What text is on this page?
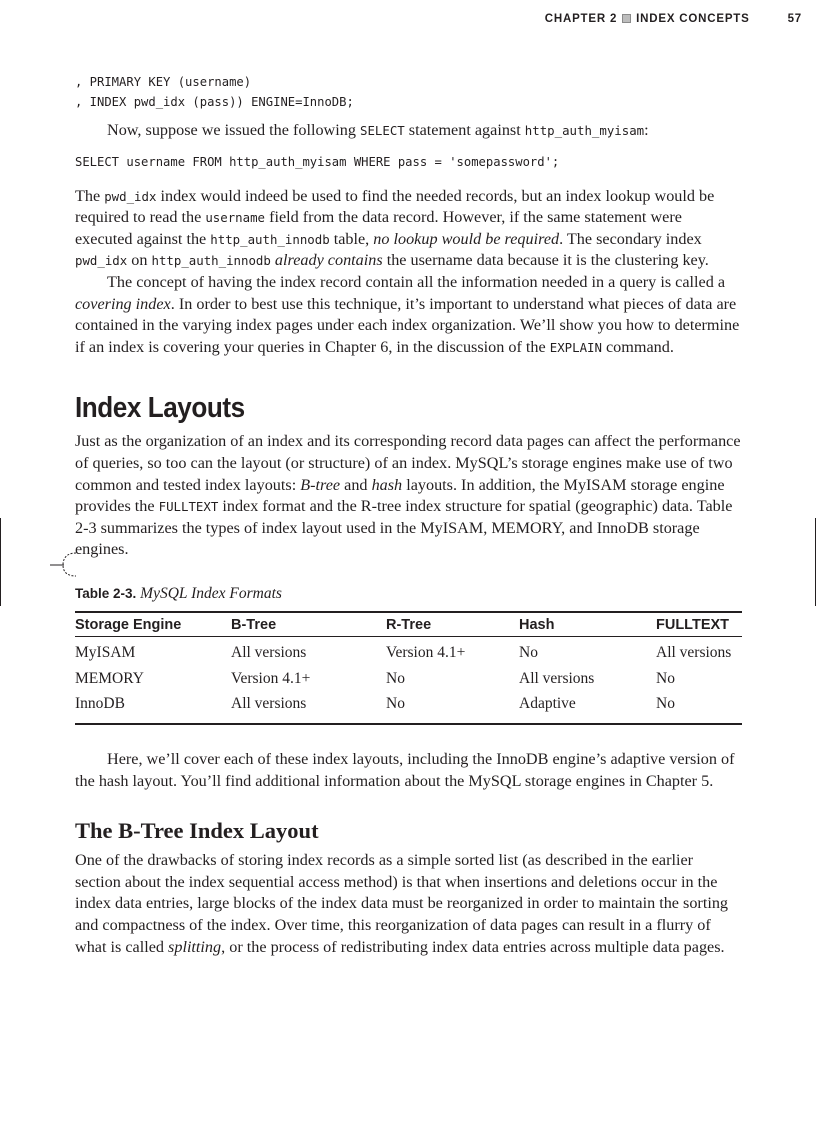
CHAPTER 2 INDEX CONCEPTS	57
, PRIMARY KEY (username)
, INDEX pwd_idx (pass)) ENGINE=InnoDB;

Now, suppose we issued the following SELECT statement against http_auth_myisam:

SELECT username FROM http_auth_myisam WHERE pass = 'somepassword';

The pwd_idx index would indeed be used to find the needed records, but an index lookup would be required to read the username field from the data record. However, if the same statement were executed against the http_auth_innodb table, no lookup would be required. The secondary index pwd_idx on http_auth_innodb already contains the username data because it is the clustering key.

The concept of having the index record contain all the information needed in a query is called a covering index. In order to best use this technique, it’s important to understand what pieces of data are contained in the varying index pages under each index organization. We’ll show you how to determine if an index is covering your queries in Chapter 6, in the discussion of the EXPLAIN command.

Index Layouts

Just as the organization of an index and its corresponding record data pages can affect the performance of queries, so too can the layout (or structure) of an index. MySQL’s storage engines make use of two common and tested index layouts: B-tree and hash layouts. In addition, the MyISAM storage engine provides the FULLTEXT index format and the R-tree index structure for spatial (geographic) data. Table 2-3 summarizes the types of index layout used in the MyISAM, MEMORY, and InnoDB storage engines.

Table 2-3. MySQL Index Formats

Storage Engine	B-Tree	R-Tree	Hash	FULLTEXT
MyISAM	All versions	Version 4.1+	No	All versions
MEMORY	Version 4.1+	No	All versions	No
InnoDB	All versions	No	Adaptive	No

Here, we’ll cover each of these index layouts, including the InnoDB engine’s adaptive version of the hash layout. You’ll find additional information about the MySQL storage engines in Chapter 5.

The B-Tree Index Layout

One of the drawbacks of storing index records as a simple sorted list (as described in the earlier section about the index sequential access method) is that when insertions and deletions occur in the index data entries, large blocks of the index data must be reorganized in order to maintain the sorting and compactness of the index. Over time, this reorganization of data pages can result in a flurry of what is called splitting, or the process of redistributing index data entries across multiple data pages.
